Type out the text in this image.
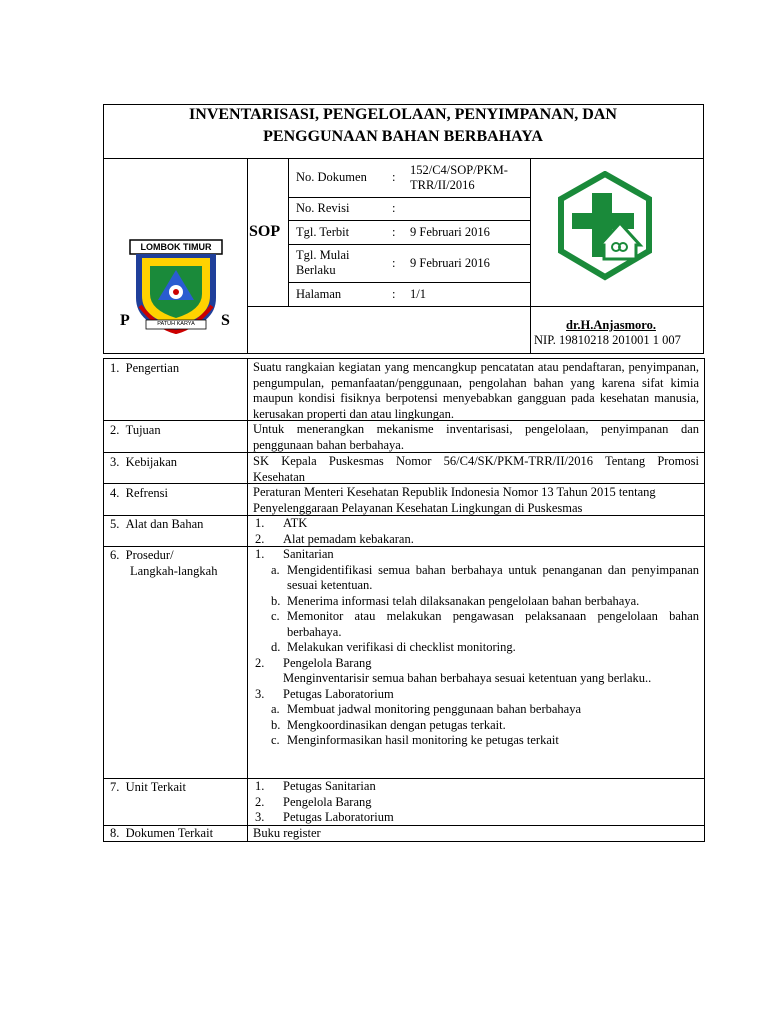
INVENTARISASI, PENGELOLAAN, PENYIMPANAN, DAN
PENGGUNAAN BAHAN BERBAHAYA
LOMBOK TIMUR
PATUH KARYA
P	S
SOP
No. Dokumen : 152/C4/SOP/PKM-TRR/II/2016
No. Revisi	:
Tgl. Terbit	: 9 Februari 2016
Tgl. Mulai Berlaku	: 9 Februari 2016
Halaman	: 1/1
dr.H.Anjasmoro.
NIP. 19810218 201001 1 007
1. Pengertian	Suatu rangkaian kegiatan yang mencangkup pencatatan atau pendaftaran, penyimpanan, pengumpulan, pemanfaatan/penggunaan, pengolahan bahan yang karena sifat kimia maupun kondisi fisiknya berpotensi menyebabkan gangguan pada kesehatan manusia, kerusakan properti dan atau lingkungan.
2. Tujuan	Untuk menerangkan mekanisme inventarisasi, pengelolaan, penyimpanan dan penggunaan bahan berbahaya.
3. Kebijakan	SK Kepala Puskesmas Nomor 56/C4/SK/PKM-TRR/II/2016 Tentang Promosi Kesehatan
4. Refrensi	Peraturan Menteri Kesehatan Republik Indonesia Nomor 13 Tahun 2015 tentang Penyelenggaraan Pelayanan Kesehatan Lingkungan di Puskesmas
5. Alat dan Bahan	1.	ATK
2.	Alat pemadam kebakaran.
6. Prosedur/
Langkah-langkah
1.	Sanitarian
a. Mengidentifikasi semua bahan berbahaya untuk penanganan dan penyimpanan sesuai ketentuan.
b. Menerima informasi telah dilaksanakan pengelolaan bahan berbahaya.
c. Memonitor atau melakukan pengawasan pelaksanaan pengelolaan bahan berbahaya.
d. Melakukan verifikasi di checklist monitoring.
2.	Pengelola Barang
Menginventarisir semua bahan berbahaya sesuai ketentuan yang berlaku..
3.	Petugas Laboratorium
a. Membuat jadwal monitoring penggunaan bahan berbahaya
b. Mengkoordinasikan dengan petugas terkait.
c. Menginformasikan hasil monitoring ke petugas terkait
7. Unit Terkait	1.	Petugas Sanitarian
2.	Pengelola Barang
3.	Petugas Laboratorium
8. Dokumen Terkait	Buku register
